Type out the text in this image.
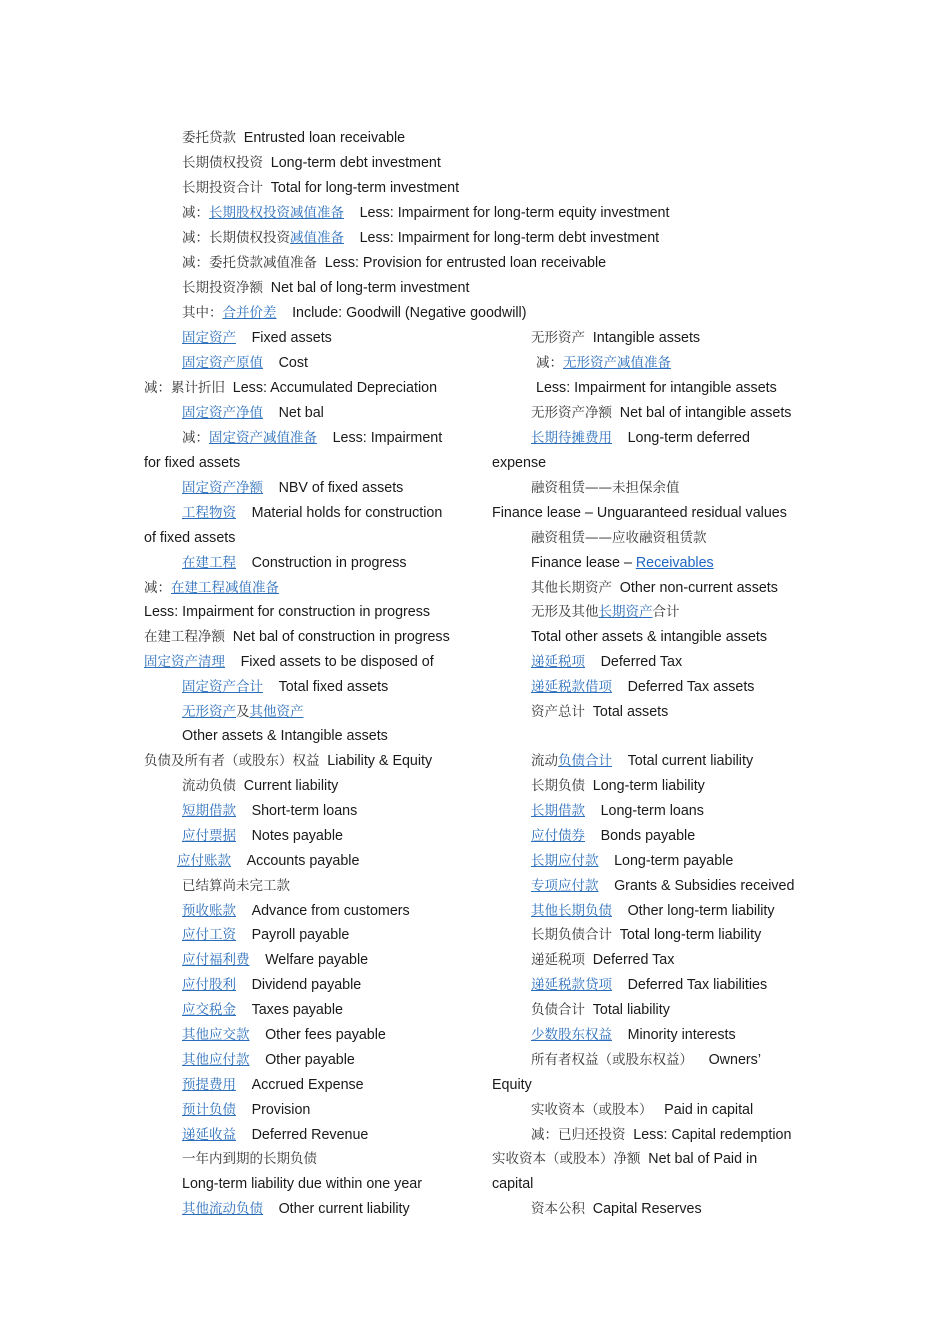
委托贷款 Entrusted loan receivable
长期债权投资 Long-term debt investment
长期投资合计 Total for long-term investment
减：长期股权投资减值准备 Less: Impairment for long-term equity investment
减：长期债权投资减值准备 Less: Impairment for long-term debt investment
减：委托贷款减值准备 Less: Provision for entrusted loan receivable
长期投资净额 Net bal of long-term investment
其中：合并价差 Include: Goodwill (Negative goodwill)
固定资产 Fixed assets
固定资产原值 Cost
减：累计折旧 Less: Accumulated Depreciation
固定资产净值 Net bal
减：固定资产减值准备 Less: Impairment
for fixed assets
固定资产净额 NBV of fixed assets
工程物资 Material holds for construction
of fixed assets
在建工程 Construction in progress
减：在建工程减值准备
Less: Impairment for construction in progress
在建工程净额 Net bal of construction in progress
固定资产清理 Fixed assets to be disposed of
固定资产合计 Total fixed assets
无形资产及其他资产
Other assets & Intangible assets
负债及所有者（或股东）权益 Liability & Equity
流动负债 Current liability
短期借款 Short-term loans
应付票据 Notes payable
应付账款 Accounts payable
已结算尚未完工款
预收账款 Advance from customers
应付工资 Payroll payable
应付福利费 Welfare payable
应付股利 Dividend payable
应交税金 Taxes payable
其他应交款 Other fees payable
其他应付款 Other payable
预提费用 Accrued Expense
预计负债 Provision
递延收益 Deferred Revenue
一年内到期的长期负债
Long-term liability due within one year
其他流动负债 Other current liability
无形资产 Intangible assets
减：无形资产减值准备
Less: Impairment for intangible assets
无形资产净额 Net bal of intangible assets
长期待摊费用 Long-term deferred
expense
融资租赁——未担保余值
Finance lease – Unguaranteed residual values
融资租赁——应收融资租赁款
Finance lease – Receivables
其他长期资产 Other non-current assets
无形及其他长期资产合计
Total other assets & intangible assets
递延税项 Deferred Tax
递延税款借项 Deferred Tax assets
资产总计 Total assets
流动负债合计 Total current liability
长期负债 Long-term liability
长期借款 Long-term loans
应付债券 Bonds payable
长期应付款 Long-term payable
专项应付款 Grants & Subsidies received
其他长期负债 Other long-term liability
长期负债合计 Total long-term liability
递延税项 Deferred Tax
递延税款贷项 Deferred Tax liabilities
负债合计 Total liability
少数股东权益 Minority interests
所有者权益（或股东权益） Owners’
Equity
实收资本（或股本） Paid in capital
减：已归还投资 Less: Capital redemption
实收资本（或股本）净额 Net bal of Paid in
capital
资本公积 Capital Reserves
